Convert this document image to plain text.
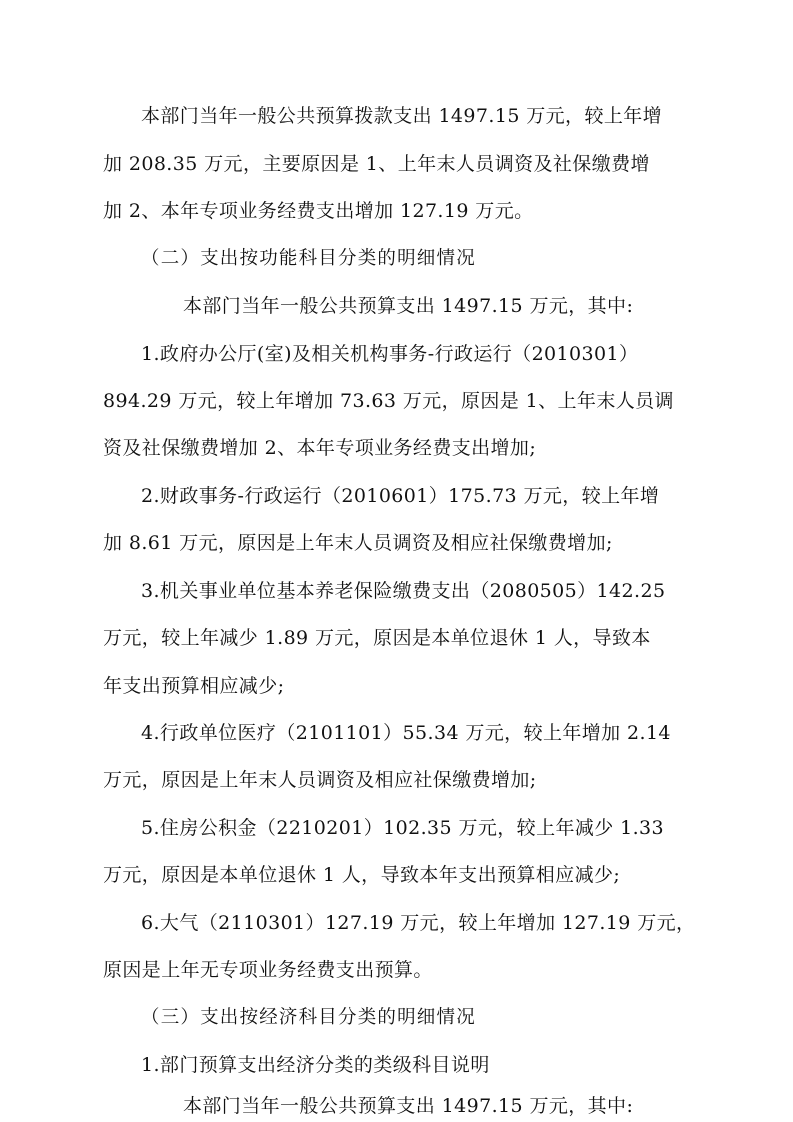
本部门当年一般公共预算拨款支出 1497.15 万元，较上年增
加 208.35 万元，主要原因是 1、上年末人员调资及社保缴费增
加 2、本年专项业务经费支出增加 127.19 万元。
（二）支出按功能科目分类的明细情况
本部门当年一般公共预算支出 1497.15 万元，其中:
1.政府办公厅(室)及相关机构事务-行政运行（2010301）
894.29 万元，较上年增加 73.63 万元，原因是 1、上年末人员调
资及社保缴费增加 2、本年专项业务经费支出增加;
2.财政事务-行政运行（2010601）175.73 万元，较上年增
加 8.61 万元，原因是上年末人员调资及相应社保缴费增加;
3.机关事业单位基本养老保险缴费支出（2080505）142.25
万元，较上年减少 1.89 万元，原因是本单位退休 1 人，导致本
年支出预算相应减少;
4.行政单位医疗（2101101）55.34 万元，较上年增加 2.14
万元，原因是上年末人员调资及相应社保缴费增加;
5.住房公积金（2210201）102.35 万元，较上年减少 1.33
万元，原因是本单位退休 1 人，导致本年支出预算相应减少;
6.大气（2110301）127.19 万元，较上年增加 127.19 万元，
原因是上年无专项业务经费支出预算。
（三）支出按经济科目分类的明细情况
1.部门预算支出经济分类的类级科目说明
本部门当年一般公共预算支出 1497.15 万元，其中:
